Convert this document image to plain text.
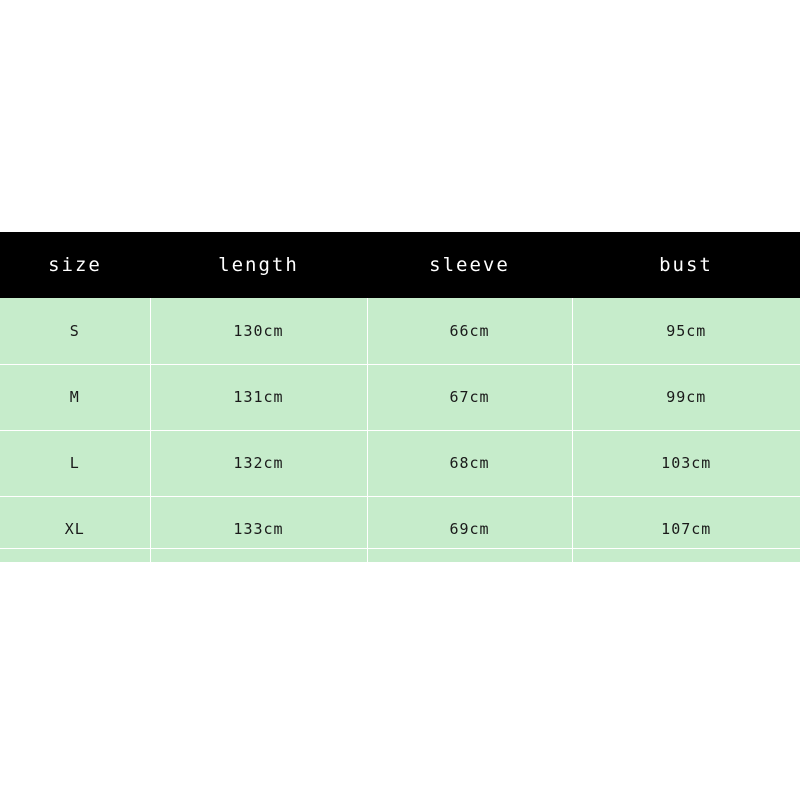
size	length	sleeve	bust
S	130cm	66cm	95cm
M	131cm	67cm	99cm
L	132cm	68cm	103cm
XL	133cm	69cm	107cm
